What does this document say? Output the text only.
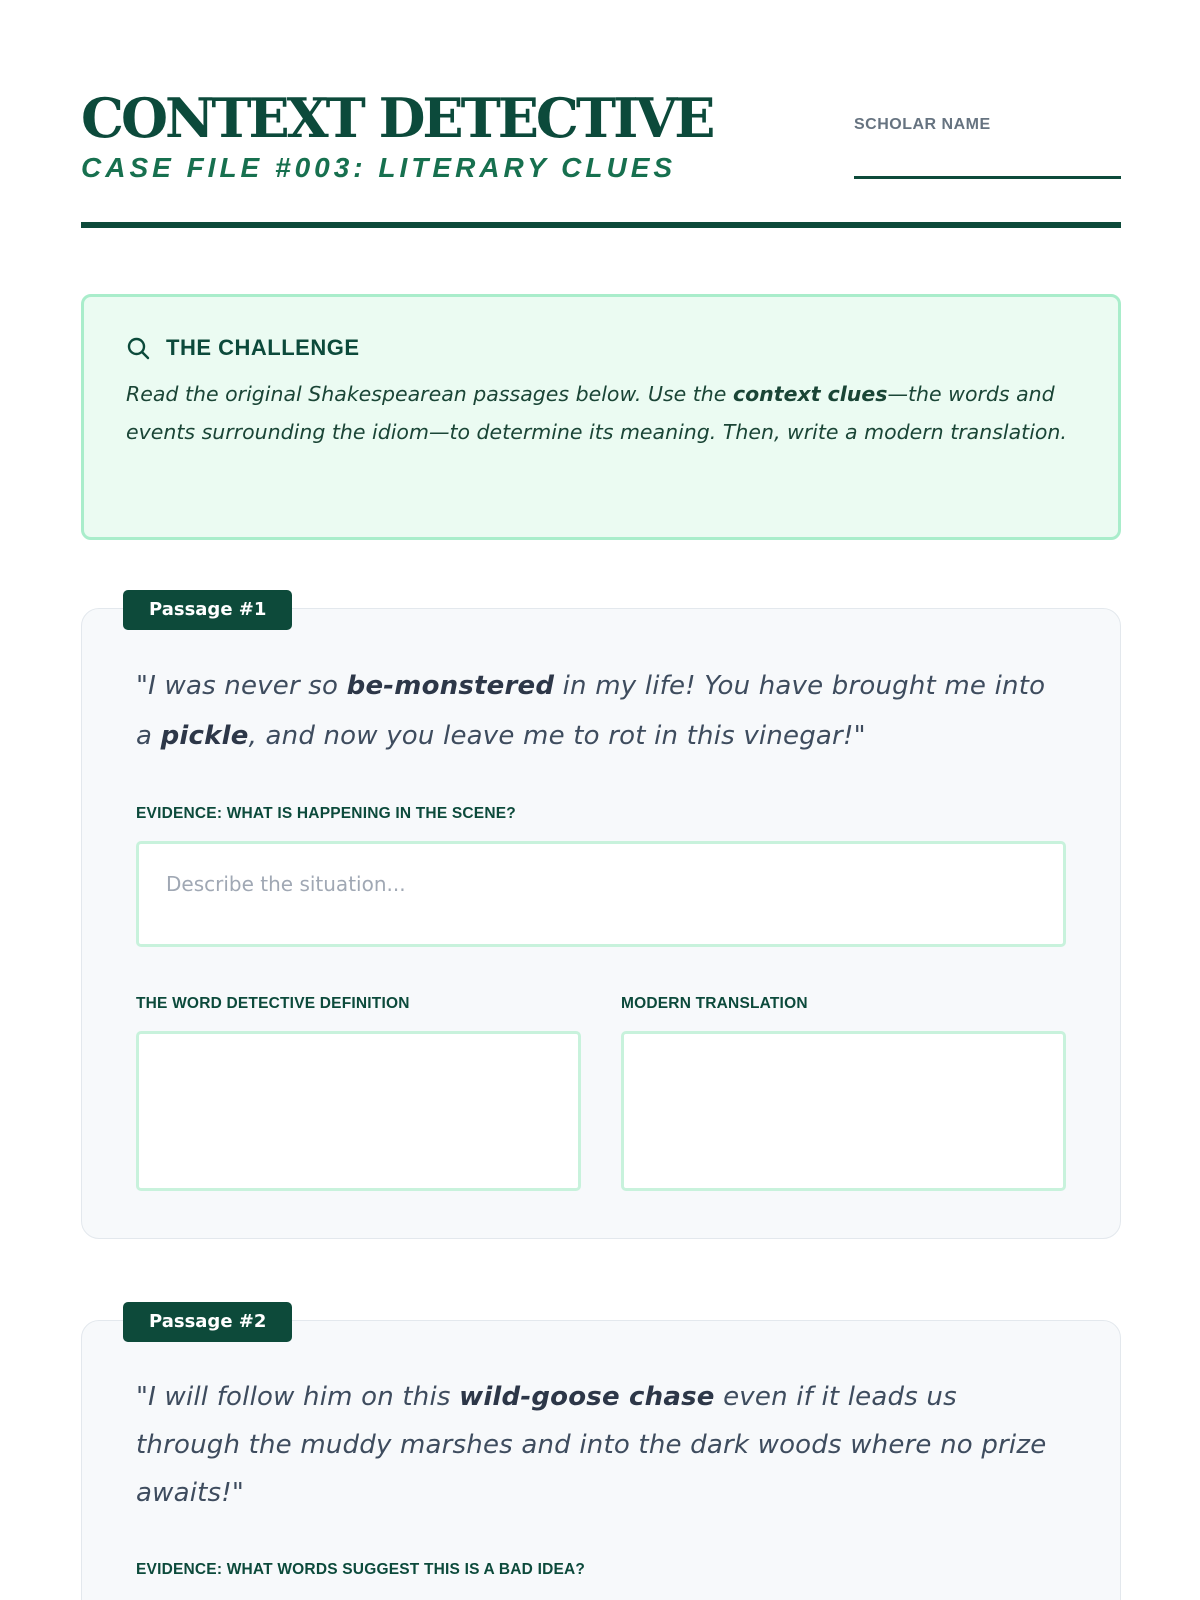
CONTEXT DETECTIVE
CASE FILE #003: LITERARY CLUES
SCHOLAR NAME
THE CHALLENGE

Read the original Shakespearean passages below. Use the context clues—the words and events surrounding the idiom—to determine its meaning. Then, write a modern translation.

Passage #1

"I was never so be-monstered in my life! You have brought me into a pickle, and now you leave me to rot in this vinegar!"

EVIDENCE: WHAT IS HAPPENING IN THE SCENE?
Describe the situation...
THE WORD DETECTIVE DEFINITION	MODERN TRANSLATION
Passage #2

"I will follow him on this wild-goose chase even if it leads us through the muddy marshes and into the dark woods where no prize awaits!"

EVIDENCE: WHAT WORDS SUGGEST THIS IS A BAD IDEA?
